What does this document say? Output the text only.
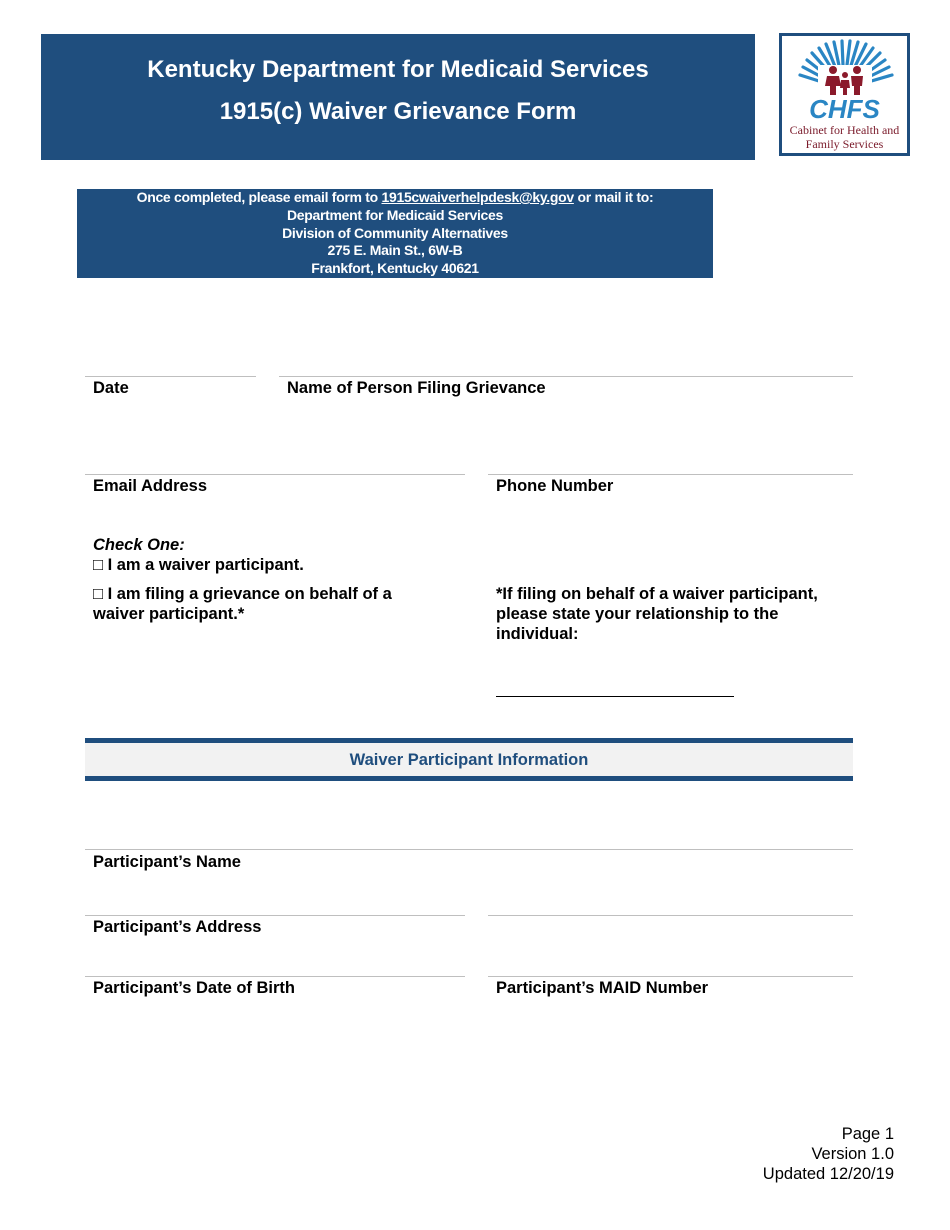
Kentucky Department for Medicaid Services
1915(c) Waiver Grievance Form	CHFS
Cabinet for Health and
Family Services
Once completed, please email form to 1915cwaiverhelpdesk@ky.gov or mail it to:
Department for Medicaid Services
Division of Community Alternatives
275 E. Main St., 6W-B
Frankfort, Kentucky 40621
Date	Name of Person Filing Grievance
Email Address	Phone Number
Check One:
□ I am a waiver participant.
□ I am filing a grievance on behalf of a
waiver participant.*
*If filing on behalf of a waiver participant,
please state your relationship to the
individual:
Waiver Participant Information
Participant’s Name
Participant’s Address
Participant’s Date of Birth	Participant’s MAID Number
Page 1
Version 1.0
Updated 12/20/19
